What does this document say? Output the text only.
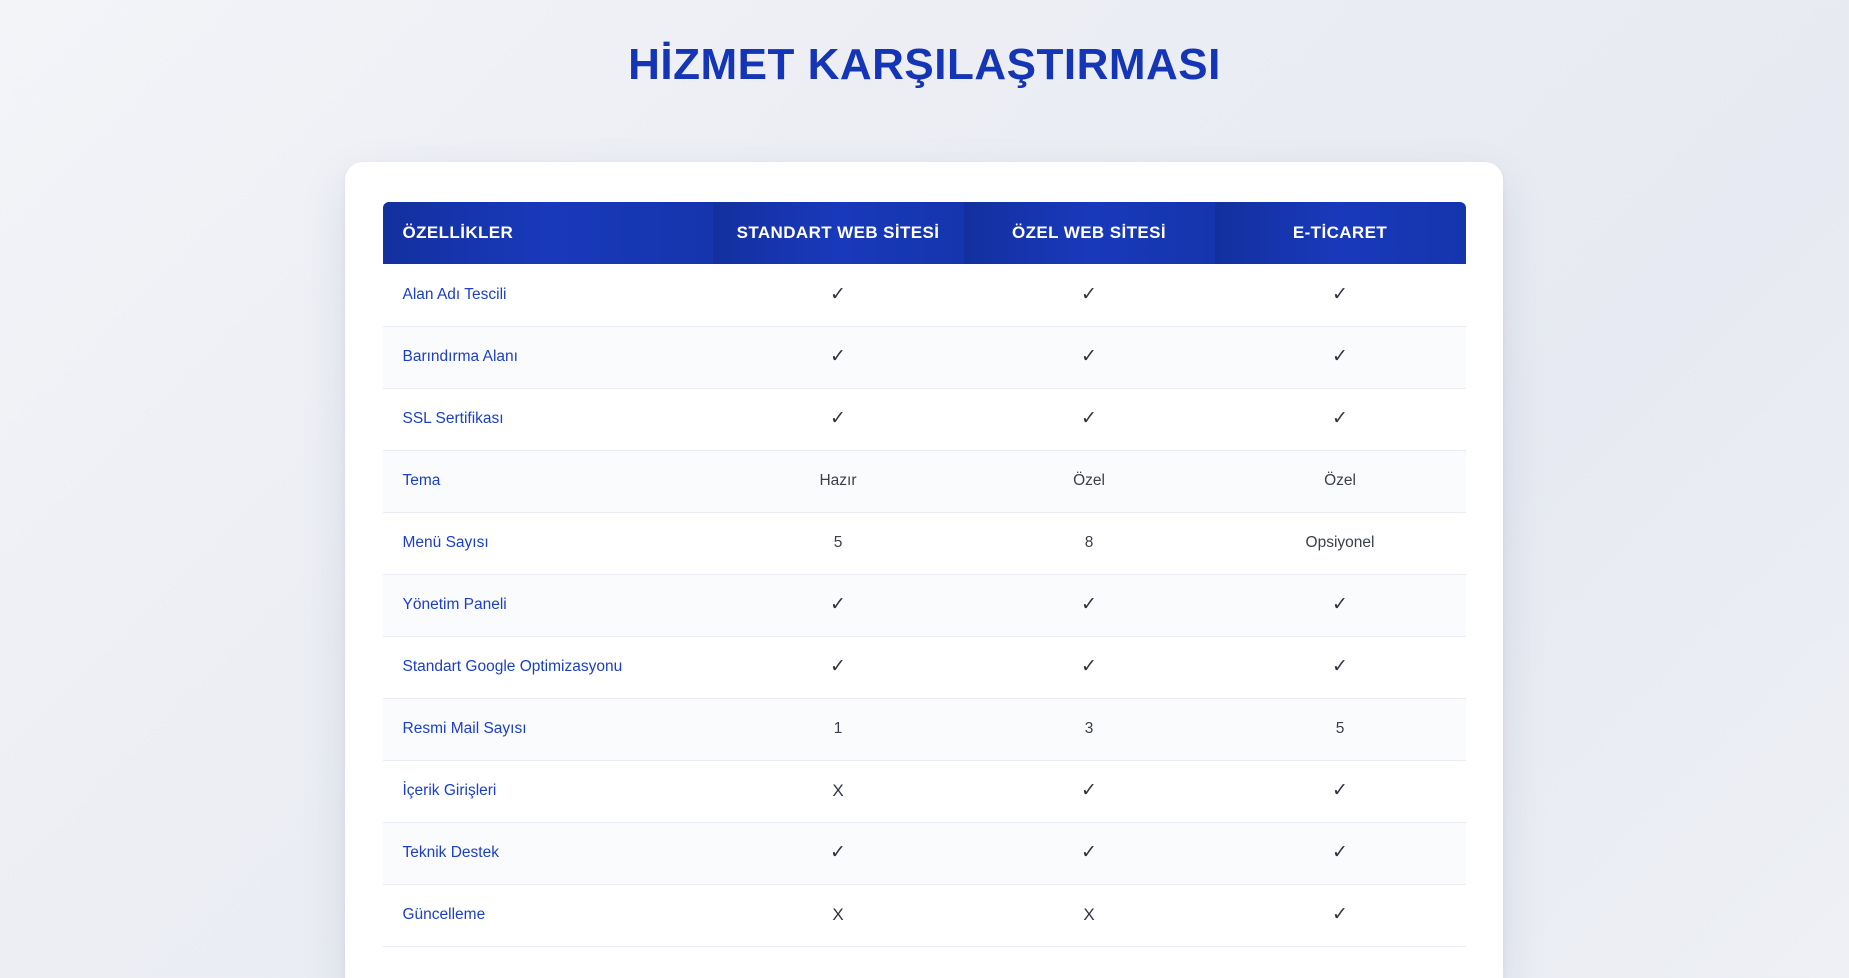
HİZMET KARŞILAŞTIRMASI
ÖZELLİKLER	STANDART WEB SİTESİ	ÖZEL WEB SİTESİ	E-TİCARET
Alan Adı Tescili	✓	✓	✓
Barındırma Alanı	✓	✓	✓
SSL Sertifikası	✓	✓	✓
Tema	Hazır	Özel	Özel
Menü Sayısı	5	8	Opsiyonel
Yönetim Paneli	✓	✓	✓
Standart Google Optimizasyonu	✓	✓	✓
Resmi Mail Sayısı	1	3	5
İçerik Girişleri	X	✓	✓
Teknik Destek	✓	✓	✓
Güncelleme	X	X	✓
